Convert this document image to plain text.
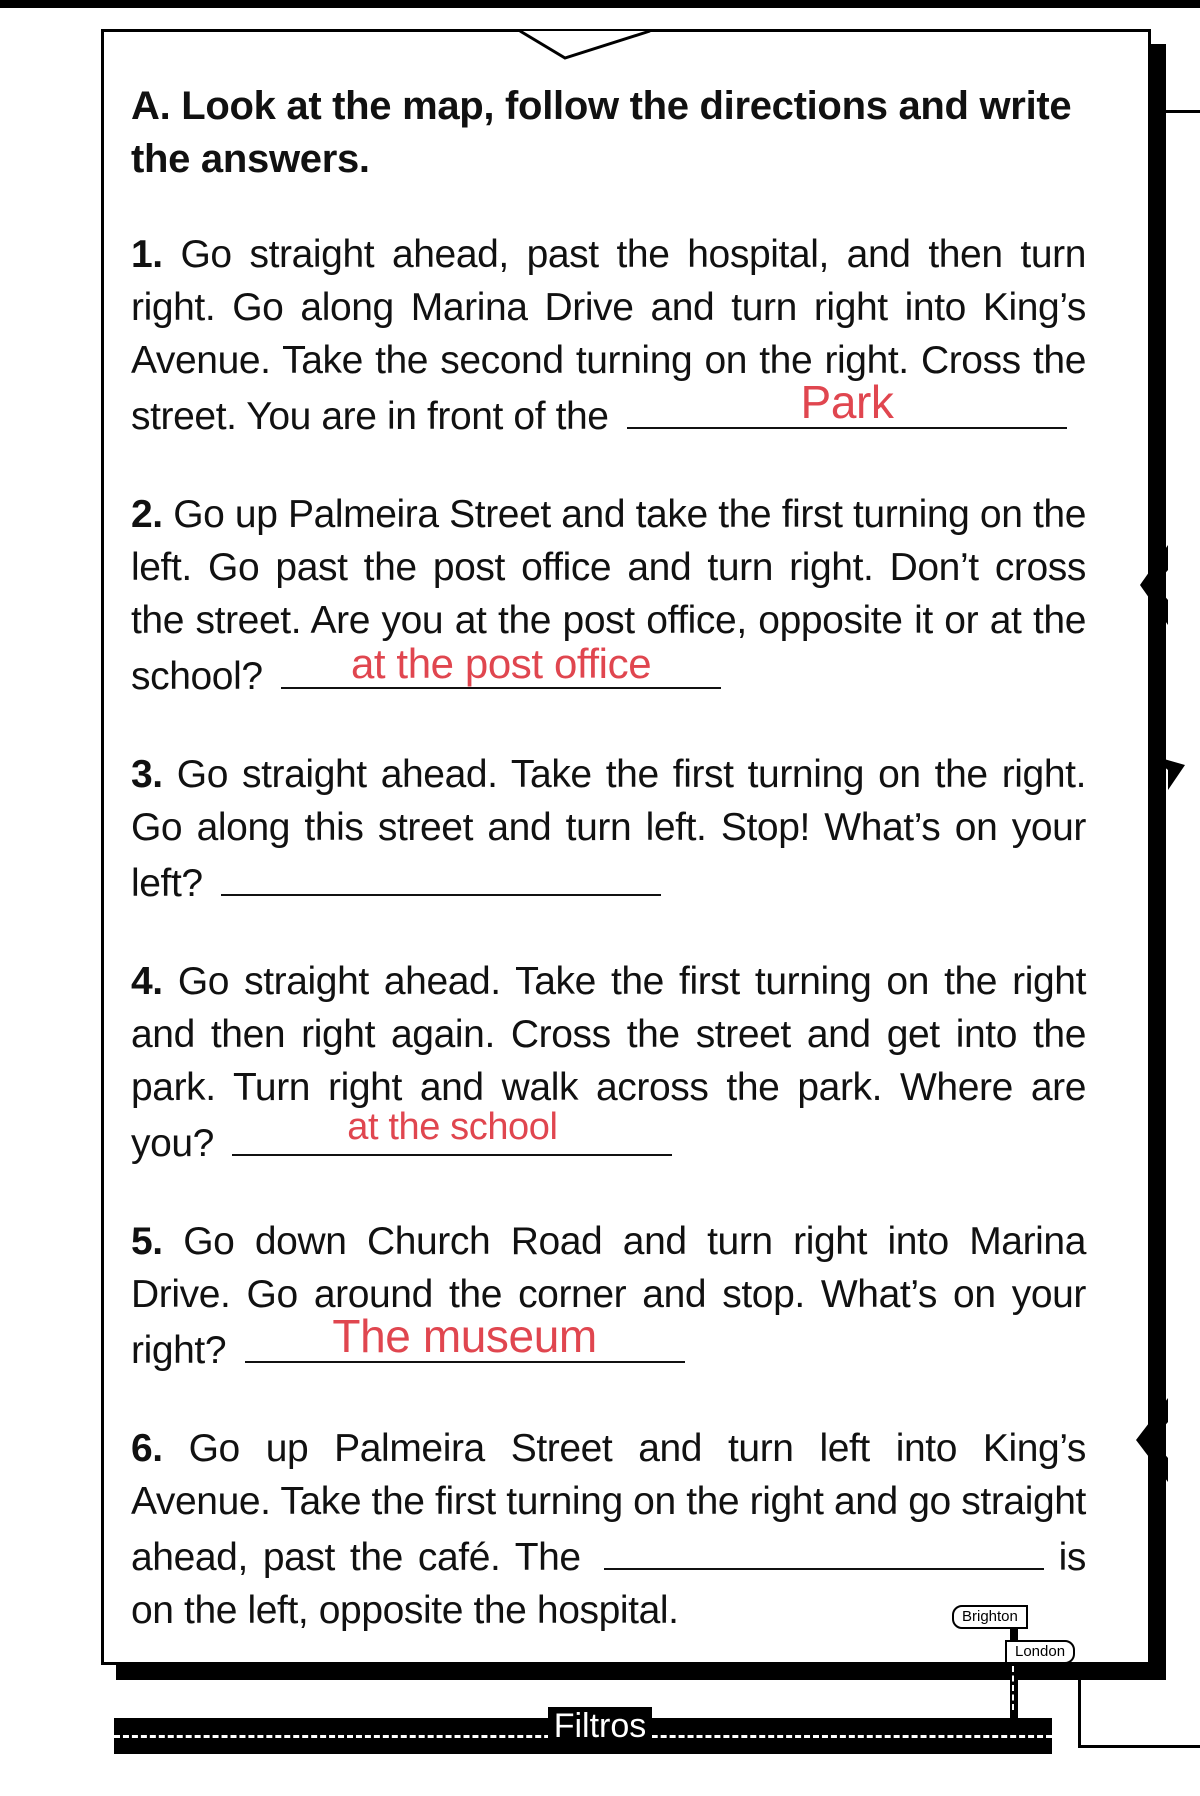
A. Look at the map, follow the directions and write the answers.
1. Go straight ahead, past the hospital, and then turn right. Go along Marina Drive and turn right into King’s Avenue. Take the second turning on the right. Cross the street. You are in front of the	Park
2. Go up Palmeira Street and take the first turning on the left. Go past the post office and turn right. Don’t cross the street. Are you at the post office, opposite it or at the school?	at the post office
3. Go straight ahead. Take the first turning on the right. Go along this street and turn left. Stop! What’s on your left?
4. Go straight ahead. Take the first turning on the right and then right again. Cross the street and get into the park. Turn right and walk across the park. Where are you?	at the school
5. Go down Church Road and turn right into Marina Drive. Go around the corner and stop. What’s on your right?	The museum
6. Go up Palmeira Street and turn left into King’s Avenue. Take the first turning on the right and go straight ahead, past the café. The	is on the left, opposite the hospital.	Brighton
London
Filtros
